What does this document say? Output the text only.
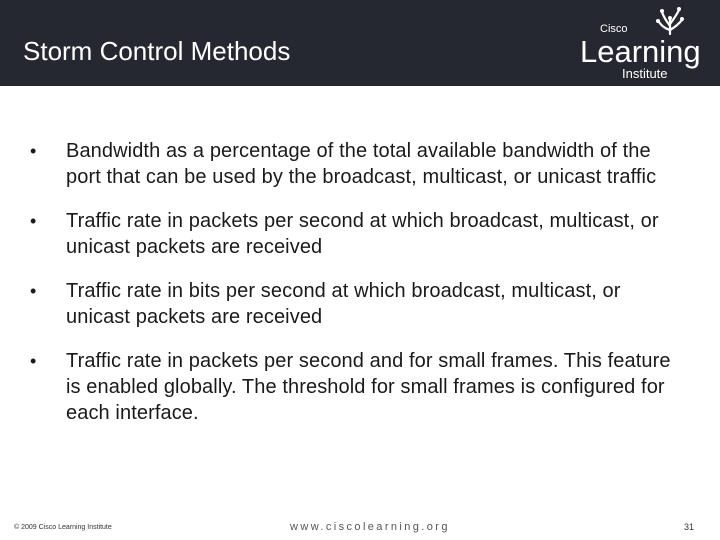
Storm Control Methods
Cisco
Learning
Institute
•	Bandwidth as a percentage of the total available bandwidth of the port that can be used by the broadcast, multicast, or unicast traffic
•	Traffic rate in packets per second at which broadcast, multicast, or unicast packets are received
•	Traffic rate in bits per second at which broadcast, multicast, or unicast packets are received
•	Traffic rate in packets per second and for small frames. This feature is enabled globally. The threshold for small frames is configured for each interface.
© 2009 Cisco Learning Institute	www.ciscolearning.org	31
